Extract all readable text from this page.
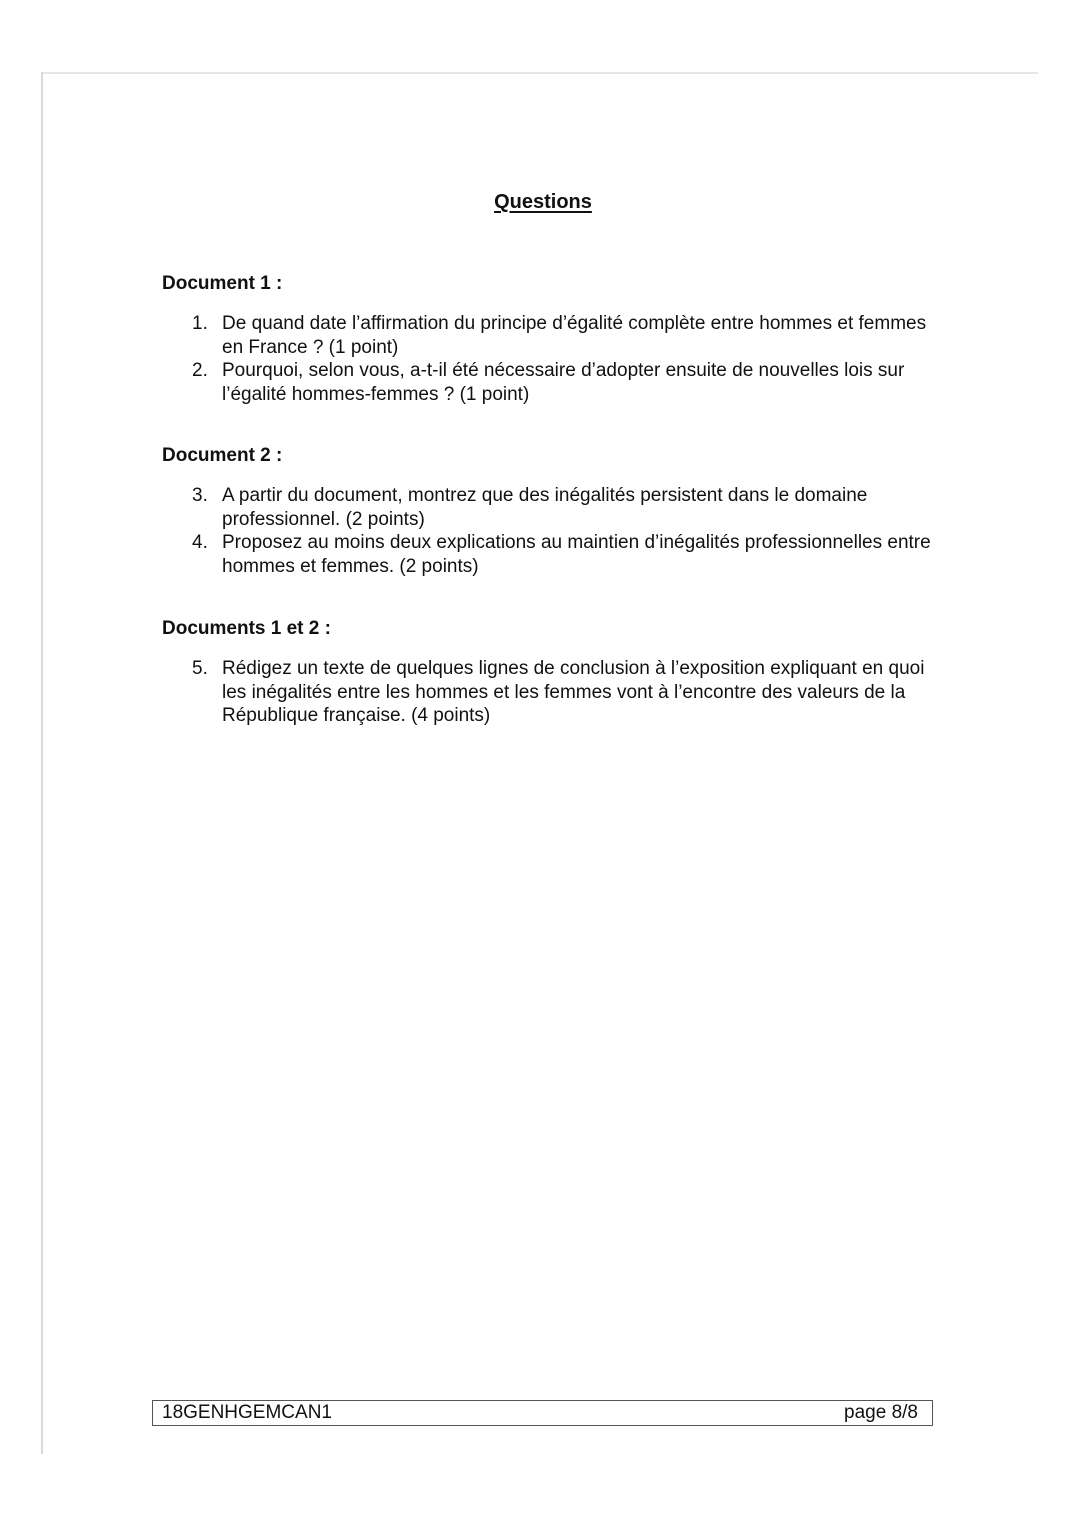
Questions
Document 1 :
1. De quand date l’affirmation du principe d’égalité complète entre hommes et femmes en France ? (1 point)
2. Pourquoi, selon vous, a-t-il été nécessaire d’adopter ensuite de nouvelles lois sur l’égalité hommes-femmes ? (1 point)
Document 2 :
3. A partir du document, montrez que des inégalités persistent dans le domaine professionnel. (2 points)
4. Proposez au moins deux explications au maintien d’inégalités professionnelles entre hommes et femmes. (2 points)
Documents 1 et 2 :
5. Rédigez un texte de quelques lignes de conclusion à l’exposition expliquant en quoi les inégalités entre les hommes et les femmes vont à l’encontre des valeurs de la République française. (4 points)
18GENHGEMCAN1	page 8/8
